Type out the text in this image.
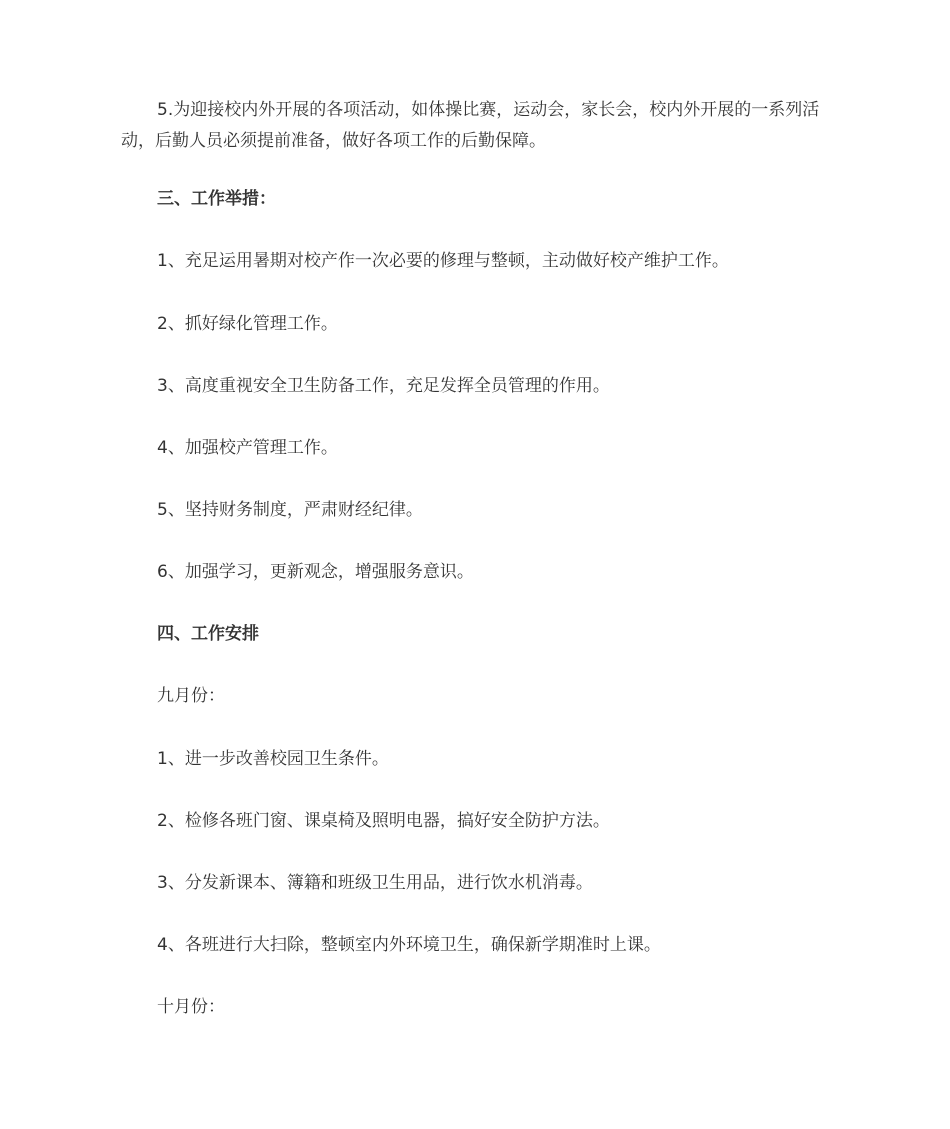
5.为迎接校内外开展的各项活动，如体操比赛，运动会，家长会，校内外开展的一系列活动，后勤人员必须提前准备，做好各项工作的后勤保障。

三、工作举措：

1、充足运用暑期对校产作一次必要的修理与整顿，主动做好校产维护工作。

2、抓好绿化管理工作。

3、高度重视安全卫生防备工作，充足发挥全员管理的作用。

4、加强校产管理工作。

5、坚持财务制度，严肃财经纪律。

6、加强学习，更新观念，增强服务意识。

四、工作安排

九月份：

1、进一步改善校园卫生条件。

2、检修各班门窗、课桌椅及照明电器，搞好安全防护方法。

3、分发新课本、簿籍和班级卫生用品，进行饮水机消毒。

4、各班进行大扫除，整顿室内外环境卫生，确保新学期准时上课。

十月份：
